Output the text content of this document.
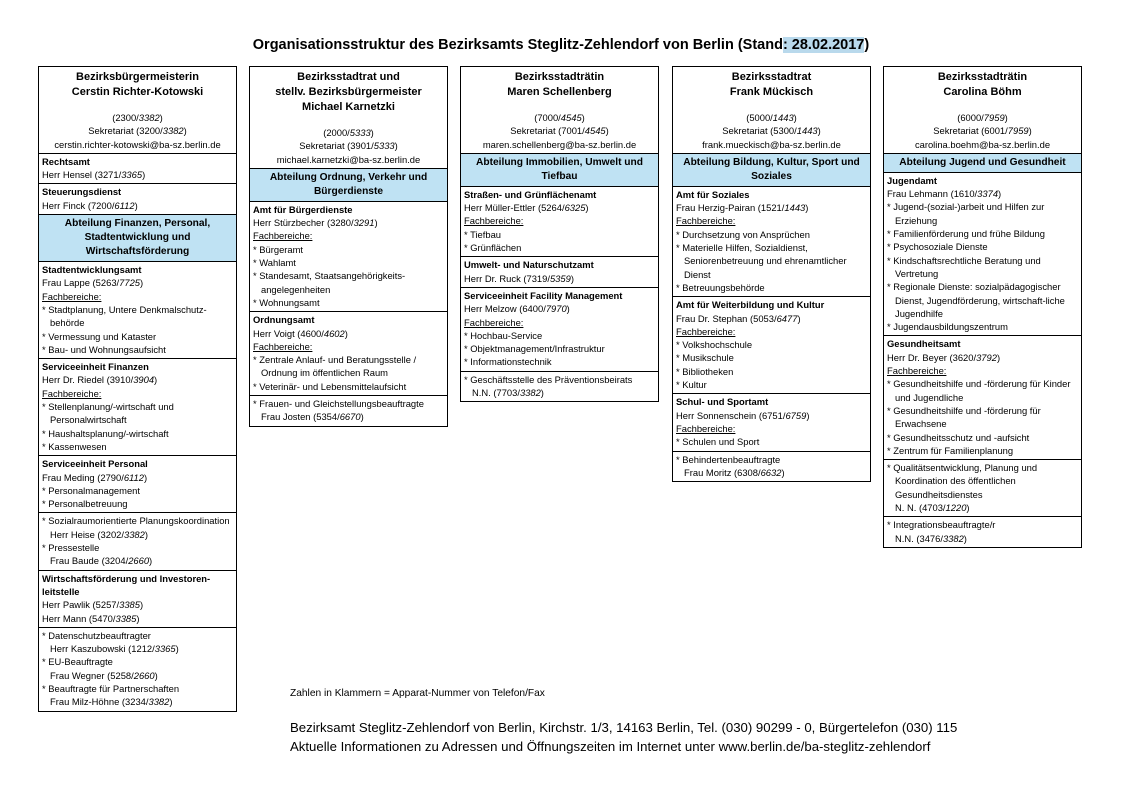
Organisationsstruktur des Bezirksamts Steglitz-Zehlendorf von Berlin (Stand: 28.02.2017)
Bezirksbürgermeisterin
Cerstin Richter-Kotowski
(2300/3382)
Sekretariat (3200/3382)
cerstin.richter-kotowski@ba-sz.berlin.de
Rechtsamt
Herr Hensel (3271/3365)
Steuerungsdienst
Herr Finck (7200/6112)
Abteilung Finanzen, Personal, Stadtentwicklung und Wirtschaftsförderung
Stadtentwicklungsamt
Frau Lappe (5263/7725)
Fachbereiche:
* Stadtplanung, Untere Denkmalschutz-behörde
* Vermessung und Kataster
* Bau- und Wohnungsaufsicht
Serviceeinheit Finanzen
Herr Dr. Riedel (3910/3904)
Fachbereiche:
* Stellenplanung/-wirtschaft und Personalwirtschaft
* Haushaltsplanung/-wirtschaft
* Kassenwesen
Serviceeinheit Personal
Frau Meding (2790/6112)
* Personalmanagement
* Personalbetreuung
* Sozialraumorientierte Planungskoordination
Herr Heise (3202/3382)
* Pressestelle
Frau Baude (3204/2660)
Wirtschaftsförderung und Investoren-leitstelle
Herr Pawlik (5257/3385)
Herr Mann (5470/3385)
* Datenschutzbeauftragter
Herr Kaszubowski (1212/3365)
* EU-Beauftragte
Frau Wegner (5258/2660)
* Beauftragte für Partnerschaften
Frau Milz-Höhne (3234/3382)
Bezirksstadtrat und
stellv. Bezirksbürgermeister
Michael Karnetzki
(2000/5333)
Sekretariat (3901/5333)
michael.karnetzki@ba-sz.berlin.de
Abteilung Ordnung, Verkehr und Bürgerdienste
Amt für Bürgerdienste
Herr Stürzbecher (3280/3291)
Fachbereiche:
* Bürgeramt
* Wahlamt
* Standesamt, Staatsangehörigkeits-angelegenheiten
* Wohnungsamt
Ordnungsamt
Herr Voigt (4600/4602)
Fachbereiche:
* Zentrale Anlauf- und Beratungsstelle / Ordnung im öffentlichen Raum
* Veterinär- und Lebensmittelaufsicht
* Frauen- und Gleichstellungsbeauftragte
Frau Josten (5354/6670)
Bezirksstadträtin
Maren Schellenberg
(7000/4545)
Sekretariat (7001/4545)
maren.schellenberg@ba-sz.berlin.de
Abteilung Immobilien, Umwelt und Tiefbau
Straßen- und Grünflächenamt
Herr Müller-Ettler (5264/6325)
Fachbereiche:
* Tiefbau
* Grünflächen
Umwelt- und Naturschutzamt
Herr Dr. Ruck (7319/5359)
Serviceeinheit Facility Management
Herr Melzow (6400/7970)
Fachbereiche:
* Hochbau-Service
* Objektmanagement/Infrastruktur
* Informationstechnik
* Geschäftsstelle des Präventionsbeirats
N.N. (7703/3382)
Bezirksstadtrat
Frank Mückisch
(5000/1443)
Sekretariat (5300/1443)
frank.mueckisch@ba-sz.berlin.de
Abteilung Bildung, Kultur, Sport und Soziales
Amt für Soziales
Frau Herzig-Pairan (1521/1443)
Fachbereiche:
* Durchsetzung von Ansprüchen
* Materielle Hilfen, Sozialdienst, Seniorenbetreuung und ehrenamtlicher Dienst
* Betreuungsbehörde
Amt für Weiterbildung und Kultur
Frau Dr. Stephan (5053/6477)
Fachbereiche:
* Volkshochschule
* Musikschule
* Bibliotheken
* Kultur
Schul- und Sportamt
Herr Sonnenschein (6751/6759)
Fachbereiche:
* Schulen und Sport
* Behindertenbeauftragte
Frau Moritz (6308/6632)
Bezirksstadträtin
Carolina Böhm
(6000/7959)
Sekretariat (6001/7959)
carolina.boehm@ba-sz.berlin.de
Abteilung Jugend und Gesundheit
Jugendamt
Frau Lehmann (1610/3374)
* Jugend-(sozial-)arbeit und Hilfen zur Erziehung
* Familienförderung und frühe Bildung
* Psychosoziale Dienste
* Kindschaftsrechtliche Beratung und Vertretung
* Regionale Dienste: sozialpädagogischer Dienst, Jugendförderung, wirtschaft-liche Jugendhilfe
* Jugendausbildungszentrum
Gesundheitsamt
Herr Dr. Beyer (3620/3792)
Fachbereiche:
* Gesundheitshilfe und -förderung für Kinder und Jugendliche
* Gesundheitshilfe und -förderung für Erwachsene
* Gesundheitsschutz und -aufsicht
* Zentrum für Familienplanung
* Qualitätsentwicklung, Planung und Koordination des öffentlichen Gesundheitsdienstes
N. N. (4703/1220)
* Integrationsbeauftragte/r
N.N. (3476/3382)
Zahlen in Klammern = Apparat-Nummer von Telefon/Fax
Bezirksamt Steglitz-Zehlendorf von Berlin, Kirchstr. 1/3, 14163 Berlin, Tel. (030) 90299 - 0, Bürgertelefon (030) 115
Aktuelle Informationen zu Adressen und Öffnungszeiten im Internet unter www.berlin.de/ba-steglitz-zehlendorf
